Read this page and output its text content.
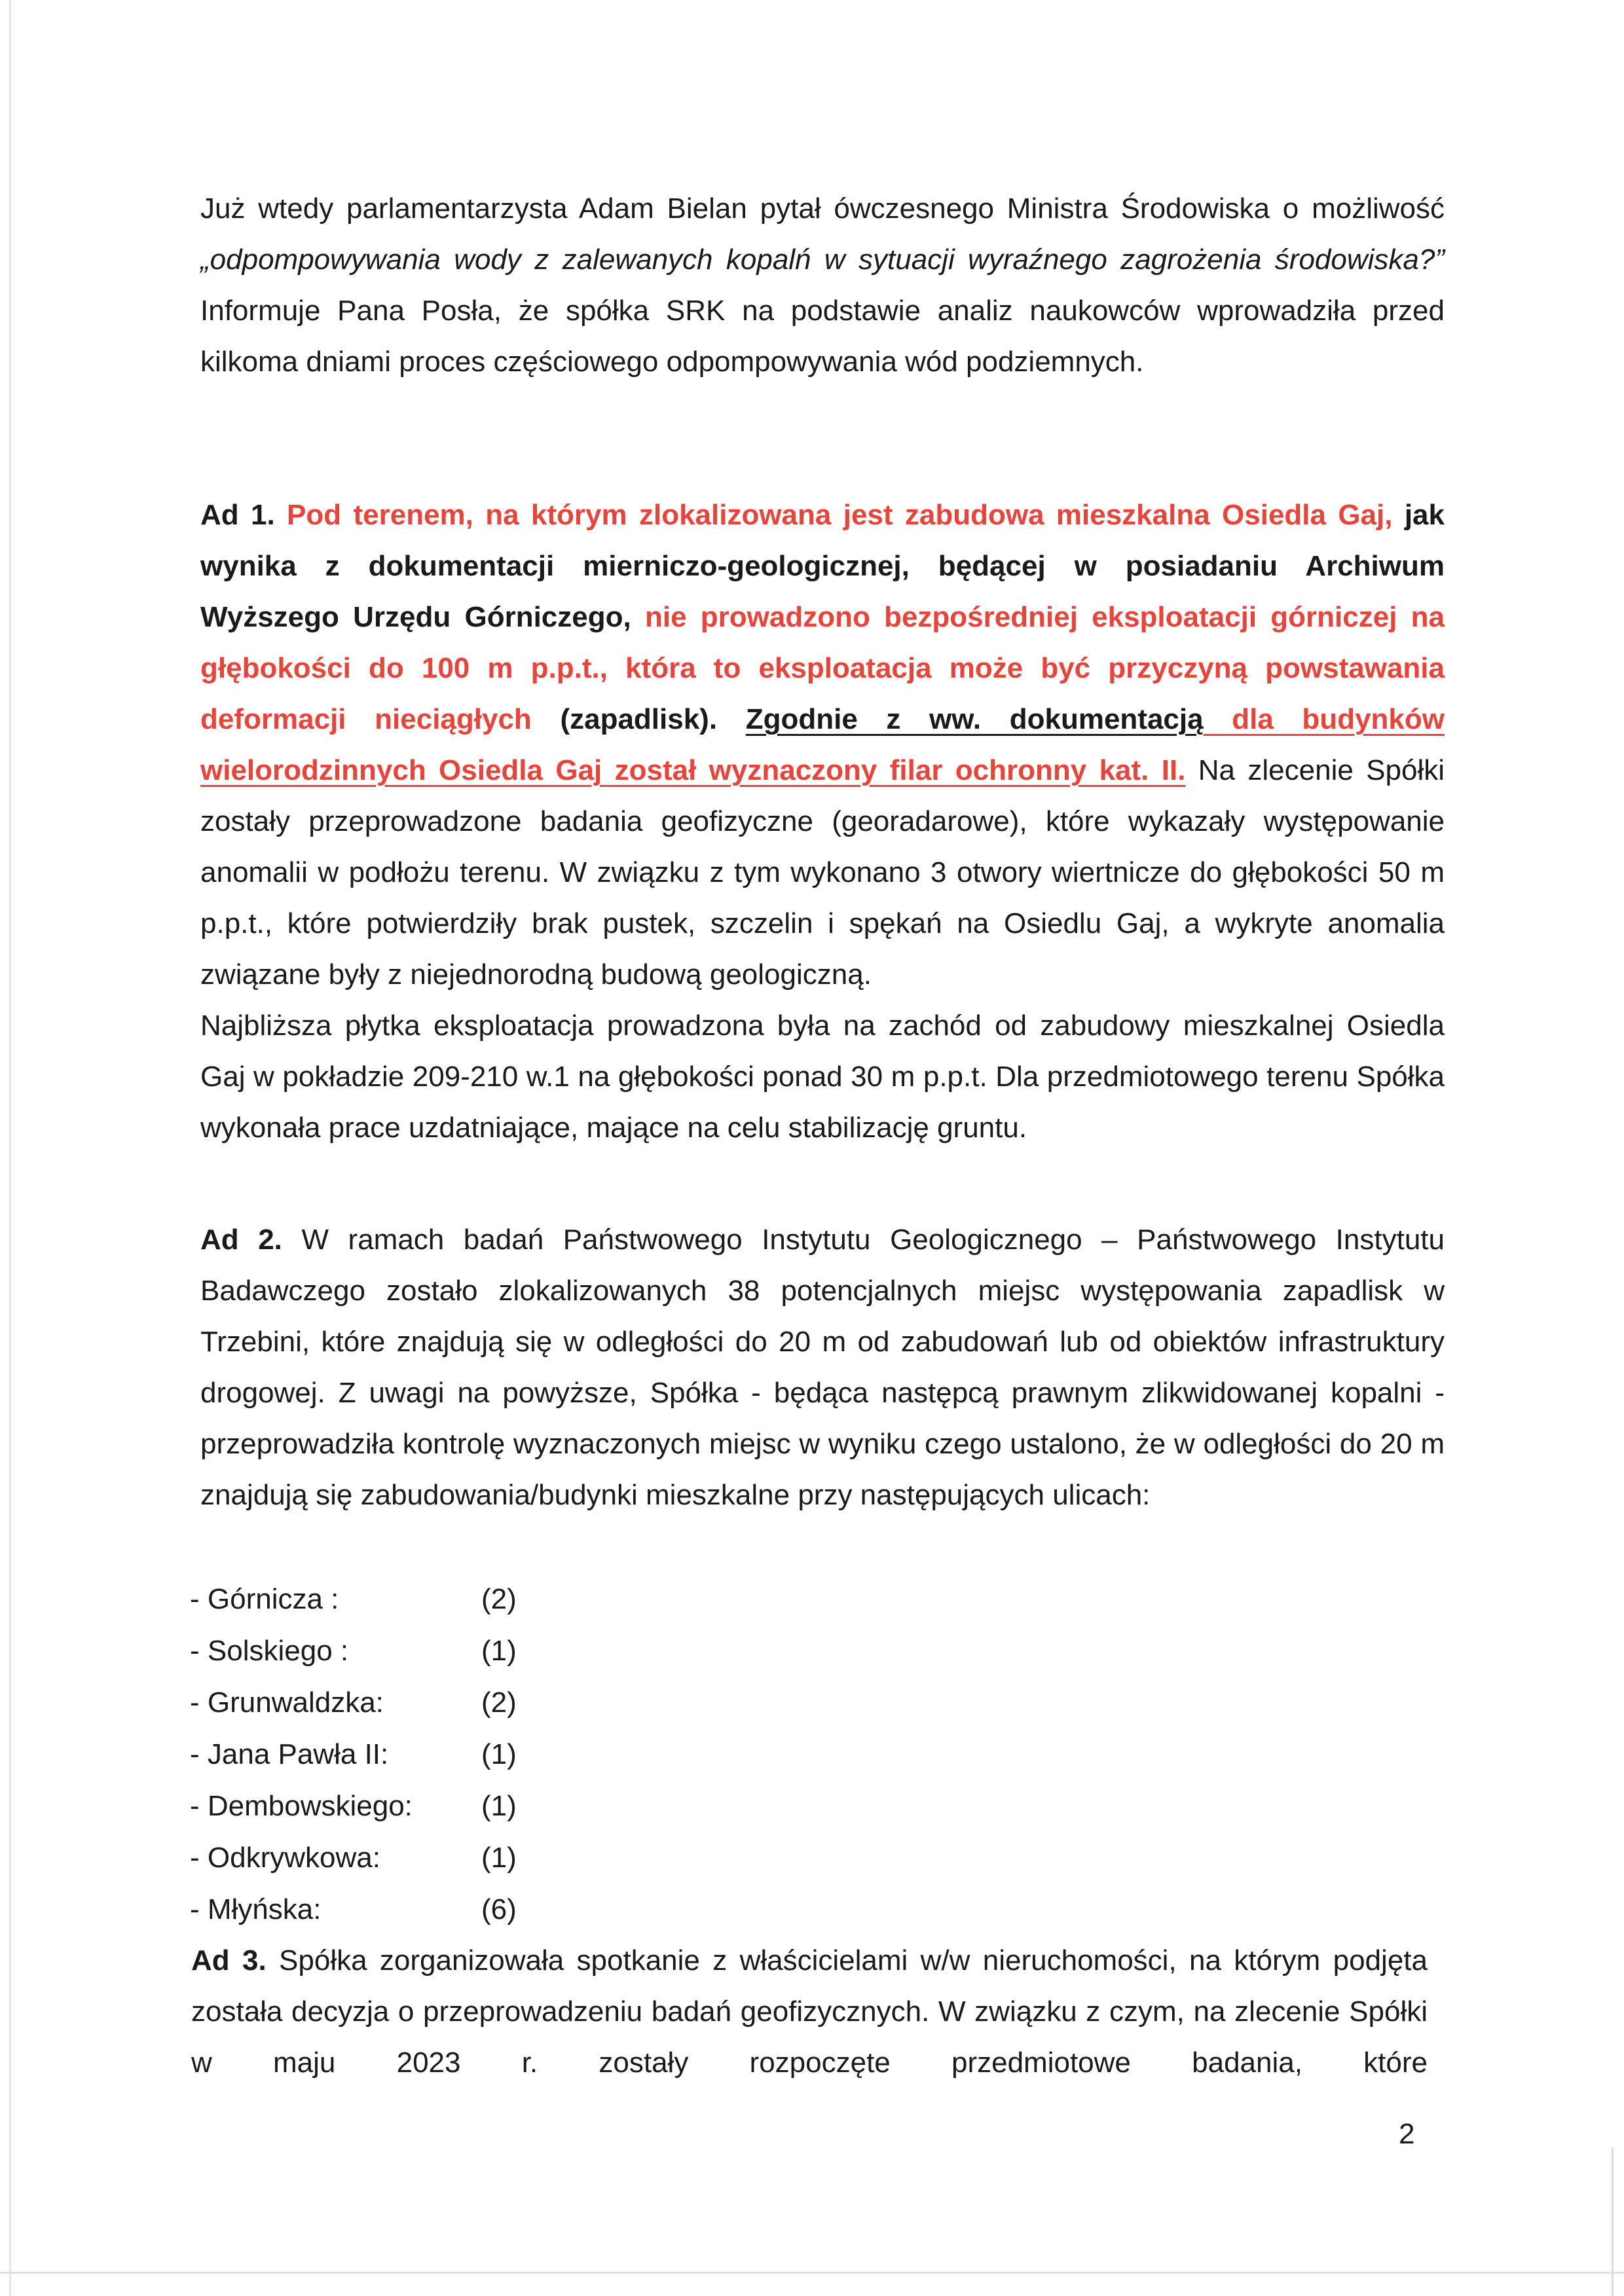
Już wtedy parlamentarzysta Adam Bielan pytał ówczesnego Ministra Środowiska o możliwość „odpompowywania wody z zalewanych kopalń w sytuacji wyraźnego zagrożenia środowiska?” Informuje Pana Posła, że spółka SRK na podstawie analiz naukowców wprowadziła przed kilkoma dniami proces częściowego odpompowywania wód podziemnych.

Ad 1. Pod terenem, na którym zlokalizowana jest zabudowa mieszkalna Osiedla Gaj, jak wynika z dokumentacji mierniczo-geologicznej, będącej w posiadaniu Archiwum Wyższego Urzędu Górniczego, nie prowadzono bezpośredniej eksploatacji górniczej na głębokości do 100 m p.p.t., która to eksploatacja może być przyczyną powstawania deformacji nieciągłych (zapadlisk). Zgodnie z ww. dokumentacją dla budynków wielorodzinnych Osiedla Gaj został wyznaczony filar ochronny kat. II. Na zlecenie Spółki zostały przeprowadzone badania geofizyczne (georadarowe), które wykazały występowanie anomalii w podłożu terenu. W związku z tym wykonano 3 otwory wiertnicze do głębokości 50 m p.p.t., które potwierdziły brak pustek, szczelin i spękań na Osiedlu Gaj, a wykryte anomalia związane były z niejednorodną budową geologiczną.

Najbliższa płytka eksploatacja prowadzona była na zachód od zabudowy mieszkalnej Osiedla Gaj w pokładzie 209-210 w.1 na głębokości ponad 30 m p.p.t. Dla przedmiotowego terenu Spółka wykonała prace uzdatniające, mające na celu stabilizację gruntu.

Ad 2. W ramach badań Państwowego Instytutu Geologicznego – Państwowego Instytutu Badawczego zostało zlokalizowanych 38 potencjalnych miejsc występowania zapadlisk w Trzebini, które znajdują się w odległości do 20 m od zabudowań lub od obiektów infrastruktury drogowej. Z uwagi na powyższe, Spółka - będąca następcą prawnym zlikwidowanej kopalni - przeprowadziła kontrolę wyznaczonych miejsc w wyniku czego ustalono, że w odległości do 20 m znajdują się zabudowania/budynki mieszkalne przy następujących ulicach:

- Górnicza :	(2)
- Solskiego :	(1)
- Grunwaldzka:	(2)
- Jana Pawła II:	(1)
- Dembowskiego: (1)
- Odkrywkowa:	(1)
- Młyńska:	(6)

Ad 3. Spółka zorganizowała spotkanie z właścicielami w/w nieruchomości, na którym podjęta została decyzja o przeprowadzeniu badań geofizycznych. W związku z czym, na zlecenie Spółki w maju 2023 r. zostały rozpoczęte przedmiotowe badania, które

2
